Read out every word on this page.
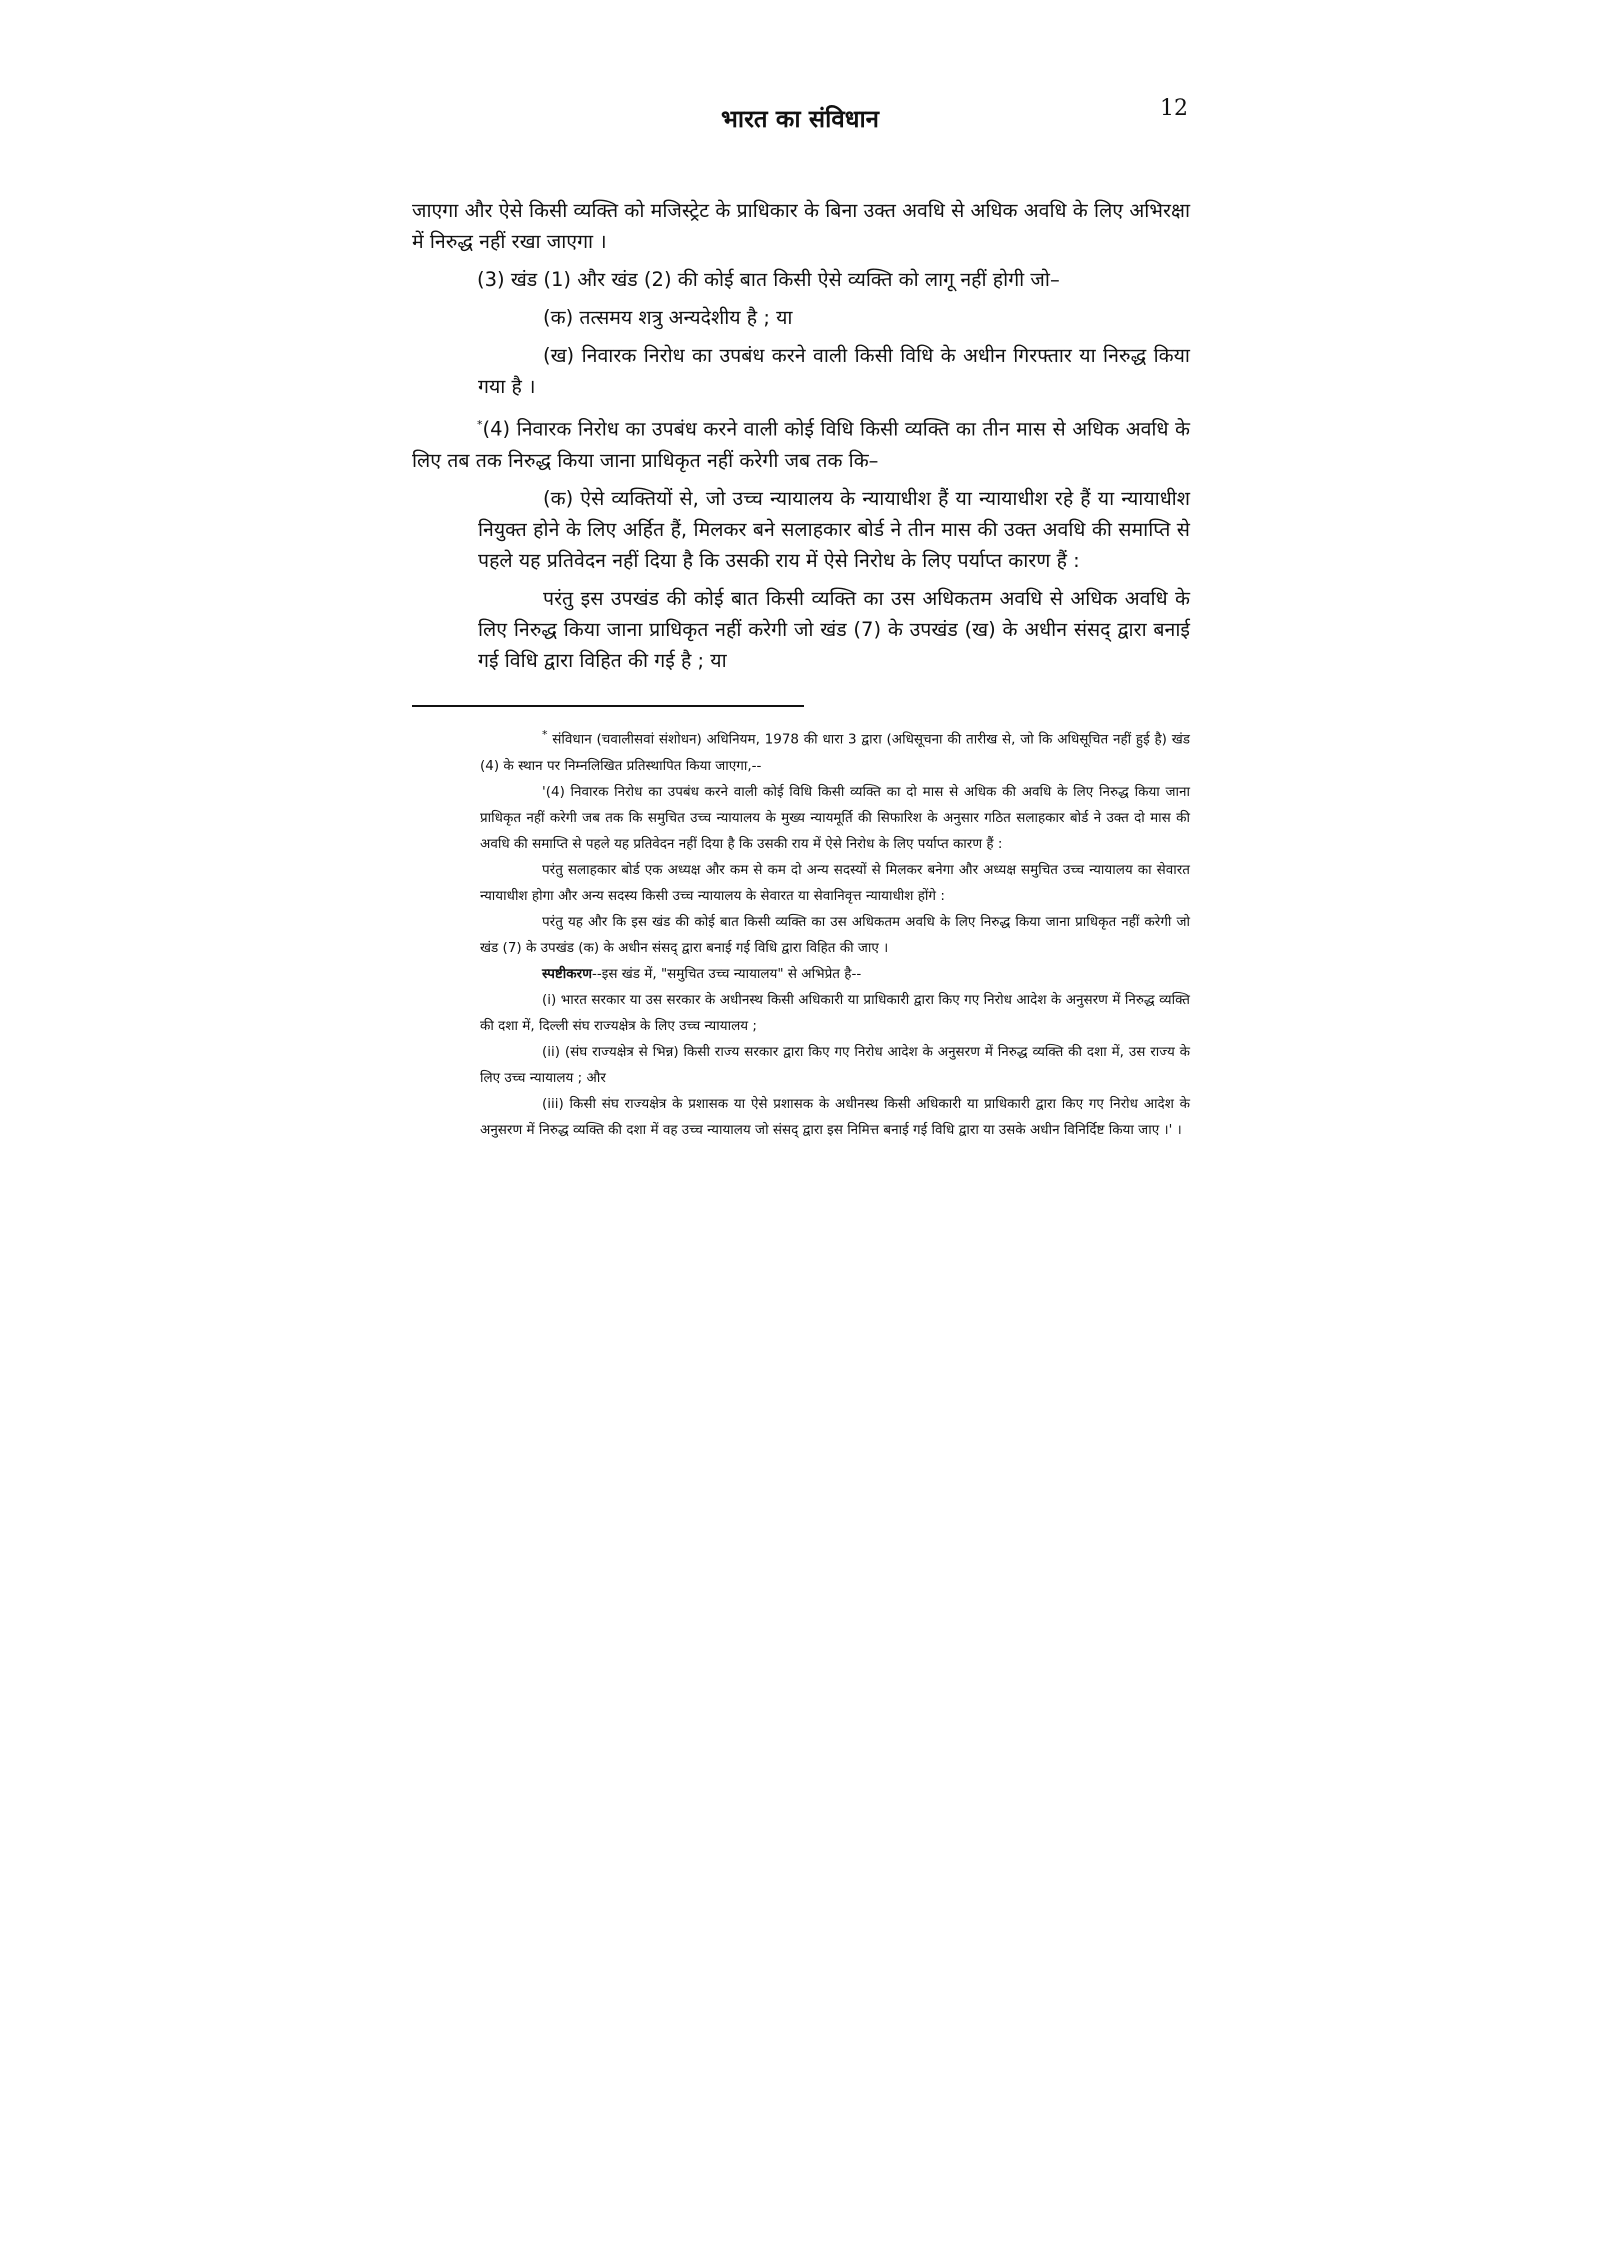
भारत का संविधान	12

जाएगा और ऐसे किसी व्यक्ति को मजिस्ट्रेट के प्राधिकार के बिना उक्त अवधि से अधिक अवधि के लिए अभिरक्षा में निरुद्ध नहीं रखा जाएगा ।

(3) खंड (1) और खंड (2) की कोई बात किसी ऐसे व्यक्ति को लागू नहीं होगी जो–

(क) तत्समय शत्रु अन्यदेशीय है ; या

(ख) निवारक निरोध का उपबंध करने वाली किसी विधि के अधीन गिरफ्तार या निरुद्ध किया गया है ।

*(4) निवारक निरोध का उपबंध करने वाली कोई विधि किसी व्यक्ति का तीन मास से अधिक अवधि के लिए तब तक निरुद्ध किया जाना प्राधिकृत नहीं करेगी जब तक कि–

(क) ऐसे व्यक्तियों से, जो उच्च न्यायालय के न्यायाधीश हैं या न्यायाधीश रहे हैं या न्यायाधीश नियुक्त होने के लिए अर्हित हैं, मिलकर बने सलाहकार बोर्ड ने तीन मास की उक्त अवधि की समाप्ति से पहले यह प्रतिवेदन नहीं दिया है कि उसकी राय में ऐसे निरोध के लिए पर्याप्त कारण हैं :

परंतु इस उपखंड की कोई बात किसी व्यक्ति का उस अधिकतम अवधि से अधिक अवधि के लिए निरुद्ध किया जाना प्राधिकृत नहीं करेगी जो खंड (7) के उपखंड (ख) के अधीन संसद् द्वारा बनाई गई विधि द्वारा विहित की गई है ; या

* संविधान (चवालीसवां संशोधन) अधिनियम, 1978 की धारा 3 द्वारा (अधिसूचना की तारीख से, जो कि अधिसूचित नहीं हुई है) खंड (4) के स्थान पर निम्नलिखित प्रतिस्थापित किया जाएगा,--

'(4) निवारक निरोध का उपबंध करने वाली कोई विधि किसी व्यक्ति का दो मास से अधिक की अवधि के लिए निरुद्ध किया जाना प्राधिकृत नहीं करेगी जब तक कि समुचित उच्च न्यायालय के मुख्य न्यायमूर्ति की सिफारिश के अनुसार गठित सलाहकार बोर्ड ने उक्त दो मास की अवधि की समाप्ति से पहले यह प्रतिवेदन नहीं दिया है कि उसकी राय में ऐसे निरोध के लिए पर्याप्त कारण हैं :

परंतु सलाहकार बोर्ड एक अध्यक्ष और कम से कम दो अन्य सदस्यों से मिलकर बनेगा और अध्यक्ष समुचित उच्च न्यायालय का सेवारत न्यायाधीश होगा और अन्य सदस्य किसी उच्च न्यायालय के सेवारत या सेवानिवृत्त न्यायाधीश होंगे :

परंतु यह और कि इस खंड की कोई बात किसी व्यक्ति का उस अधिकतम अवधि के लिए निरुद्ध किया जाना प्राधिकृत नहीं करेगी जो खंड (7) के उपखंड (क) के अधीन संसद् द्वारा बनाई गई विधि द्वारा विहित की जाए ।

स्पष्टीकरण--इस खंड में, "समुचित उच्च न्यायालय" से अभिप्रेत है--

(i) भारत सरकार या उस सरकार के अधीनस्थ किसी अधिकारी या प्राधिकारी द्वारा किए गए निरोध आदेश के अनुसरण में निरुद्ध व्यक्ति की दशा में, दिल्ली संघ राज्यक्षेत्र के लिए उच्च न्यायालय ;

(ii) (संघ राज्यक्षेत्र से भिन्न) किसी राज्य सरकार द्वारा किए गए निरोध आदेश के अनुसरण में निरुद्ध व्यक्ति की दशा में, उस राज्य के लिए उच्च न्यायालय ; और

(iii) किसी संघ राज्यक्षेत्र के प्रशासक या ऐसे प्रशासक के अधीनस्थ किसी अधिकारी या प्राधिकारी द्वारा किए गए निरोध आदेश के अनुसरण में निरुद्ध व्यक्ति की दशा में वह उच्च न्यायालय जो संसद् द्वारा इस निमित्त बनाई गई विधि द्वारा या उसके अधीन विनिर्दिष्ट किया जाए ।' ।
